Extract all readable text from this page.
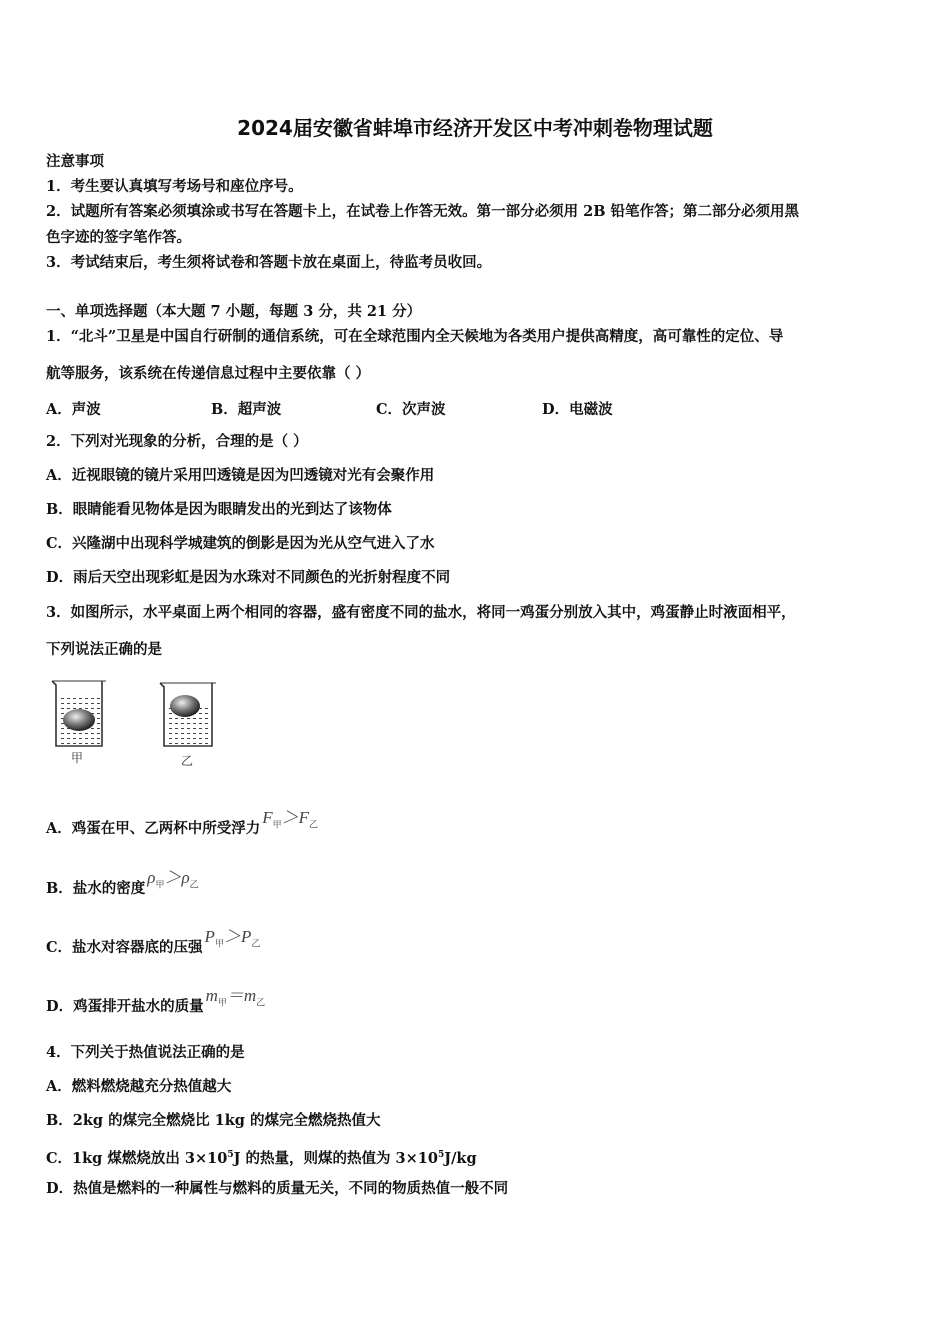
2024届安徽省蚌埠市经济开发区中考冲刺卷物理试题
注意事项
1．考生要认真填写考场号和座位序号。
2．试题所有答案必须填涂或书写在答题卡上，在试卷上作答无效。第一部分必须用 2B 铅笔作答；第二部分必须用黑
色字迹的签字笔作答。
3．考试结束后，考生须将试卷和答题卡放在桌面上，待监考员收回。
一、单项选择题（本大题 7 小题，每题 3 分，共 21 分）
1．“北斗”卫星是中国自行研制的通信系统，可在全球范围内全天候地为各类用户提供高精度，高可靠性的定位、导
航等服务，该系统在传递信息过程中主要依靠（ ）
A．声波	B．超声波	C．次声波	D．电磁波
2．下列对光现象的分析，合理的是（ ）
A．近视眼镜的镜片采用凹透镜是因为凹透镜对光有会聚作用
B．眼睛能看见物体是因为眼睛发出的光到达了该物体
C．兴隆湖中出现科学城建筑的倒影是因为光从空气进入了水
D．雨后天空出现彩虹是因为水珠对不同颜色的光折射程度不同
3．如图所示，水平桌面上两个相同的容器，盛有密度不同的盐水，将同一鸡蛋分别放入其中，鸡蛋静止时液面相平，
下列说法正确的是
甲	乙
A．鸡蛋在甲、乙两杯中所受浮力$F_甲>F_乙$
B．盐水的密度$\rho_甲>\rho_乙$
C．盐水对容器底的压强$P_甲>P_乙$
D．鸡蛋排开盐水的质量$m_甲=m_乙$
4．下列关于热值说法正确的是
A．燃料燃烧越充分热值越大
B．2kg 的煤完全燃烧比 1kg 的煤完全燃烧热值大
C．1kg 煤燃烧放出 $3\times 10^5J$ 的热量，则煤的热值为 $3\times 10^5J/kg$
D．热值是燃料的一种属性与燃料的质量无关，不同的物质热值一般不同
